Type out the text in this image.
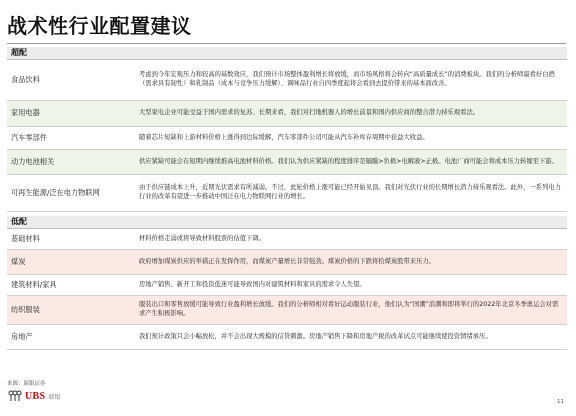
战术性行业配置建议
超配
食品饮料	考虑到今年宏观压力和较高的基数效应，我们预计市场整体盈利增长将放缓，而市场风格将会转向“高质量成长”的消费板块。我们的分析师最看好白酒（需求具有韧性）和乳制品（成本与竞争压力缓解）、调味品行业自四季度起将会看到去提价带来的基本面改善。
家用电器	大型家电企业可能受益于国内需求的复苏。长期来看，我们对扫地机器人的增长前景和国内供应商的整合潜力持乐观看法。
汽车零部件	随着芯片短缺和上游材料价格上涨得到边际缓解，汽车零部件公司可能从汽车补库存周期中获益大收益。
动力电池相关	供应紧缺可能会在短期内继续推高电池材料价格。我们认为供应紧缺的程度排序是隔膜>负极>电解液>正极。电池厂商可能会将成本压力转嫁至下游。
可再生能源/泛在电力物联网	由于供应链成本上升，近期光伏需求有所减弱。不过，此轮价格上涨可能已经开始见顶。我们对光伏行业的长期增长潜力持乐观看法。此外，一系列电力行业的改革有望进一步推动中国泛在电力物联网行业的增长。
低配
基础材料	材料价格走弱或将导致材料股票的估值下调。
煤炭	政府增加煤炭供应的举措正在发挥作用，而煤炭产量增长非常强劲。煤炭价格的下跌将拾煤炭股带来压力。
建筑材料/家具	房地产销售、新开工和投资低迷可能导致国内对建筑材料和家具的需求令人失望。
纺织服装	服装出口和零售放缓可能导致行业盈利增长放缓。我们的分析师相对看好运动服装行业，他们认为“国潮”浪潮和即将举行的2022年北京冬季奥运会对需求产生积极影响。
房地产	我们预计政策只会小幅放松，并不会出现大规模的信贷刺激。房地产销售下降和房地产税的改革试点可能继续使投资情绪承压。
来源：瑞银证券
UBS 瑞银
11
